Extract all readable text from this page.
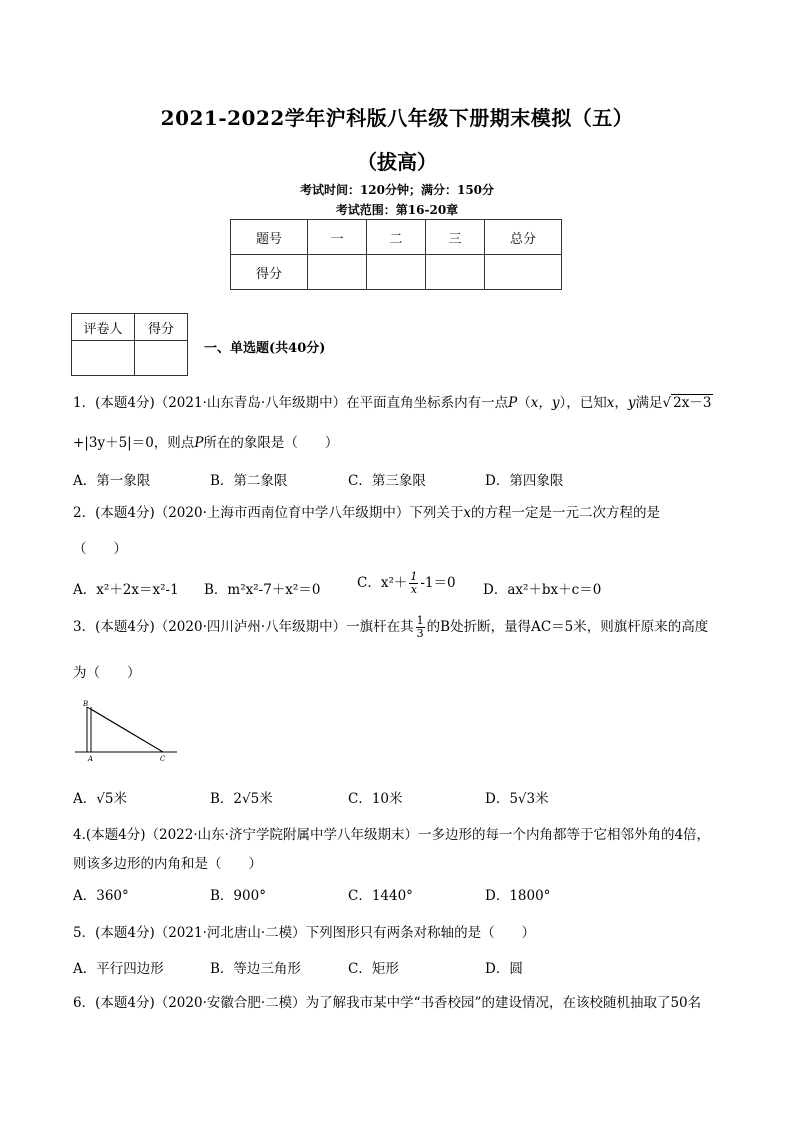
2021-2022学年沪科版八年级下册期末模拟（五）
（拔高）
考试时间：120分钟；满分：150分
考试范围：第16-20章
题号	一	二	三	总分
得分				
评卷人	得分

一、单选题(共40分)
1．(本题4分)（2021·山东青岛·八年级期中）在平面直角坐标系内有一点P（x，y），已知x，y满足√ 2x－3
+|3y＋5|＝0，则点P所在的象限是（　　）
A．第一象限	B．第二象限	C．第三象限	D．第四象限
2．(本题4分)（2020·上海市西南位育中学八年级期中）下列关于x的方程一定是一元二次方程的是
（　　）
A．x²＋2x＝x²-1 B．m²x²-7＋x²＝0	C．$x^2+ \frac{1}{x} -1=0$ D．ax²＋bx＋c＝0
3．(本题4分)（2020·四川泸州·八年级期中）一旗杆在其 $\frac{1}{3}$ 的B处折断，量得AC＝5米，则旗杆原来的高度
为（　　）
B
A	C
A．√5米	B．2√5米	C．10米	D．5√3米
4.(本题4分)（2022·山东·济宁学院附属中学八年级期末）一多边形的每一个内角都等于它相邻外角的4倍，
则该多边形的内角和是（　　）
A．360°	B．900°	C．1440°	D．1800°
5．(本题4分)（2021·河北唐山·二模）下列图形只有两条对称轴的是（　　）
A．平行四边形	B．等边三角形	C．矩形	D．圆
6．(本题4分)（2020·安徽合肥·二模）为了解我市某中学“书香校园”的建设情况，在该校随机抽取了50名
